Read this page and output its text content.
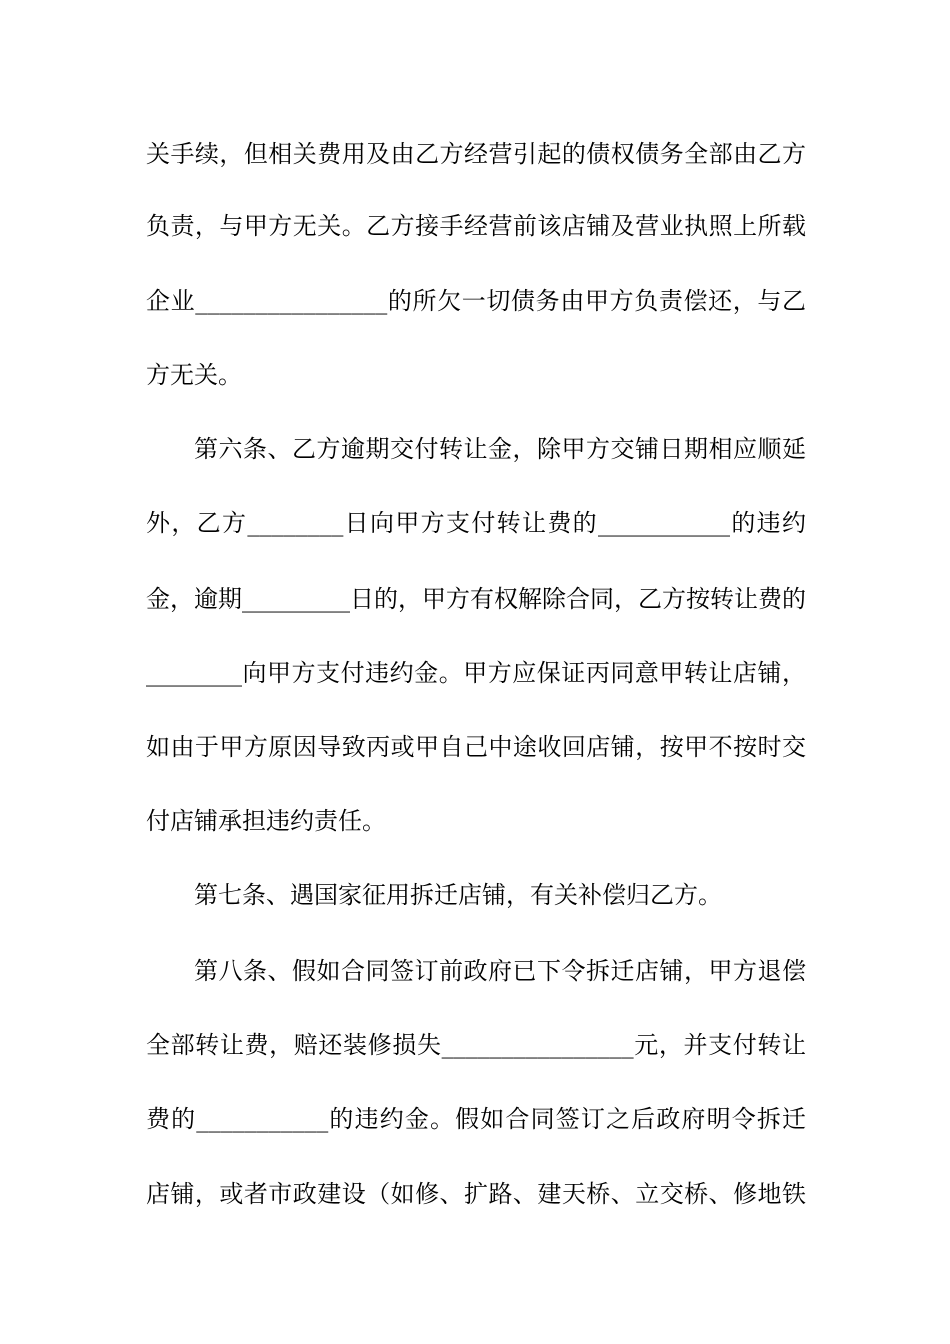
关手续，但相关费用及由乙方经营引起的债权债务全部由乙方
负责，与甲方无关。乙方接手经营前该店铺及营业执照上所载
企业________________的所欠一切债务由甲方负责偿还，与乙
方无关。
第六条、乙方逾期交付转让金，除甲方交铺日期相应顺延
外，乙方________日向甲方支付转让费的___________的违约
金，逾期_________日的，甲方有权解除合同，乙方按转让费的
________向甲方支付违约金。甲方应保证丙同意甲转让店铺，
如由于甲方原因导致丙或甲自己中途收回店铺，按甲不按时交
付店铺承担违约责任。
第七条、遇国家征用拆迁店铺，有关补偿归乙方。
第八条、假如合同签订前政府已下令拆迁店铺，甲方退偿
全部转让费，赔还装修损失________________元，并支付转让
费的___________的违约金。假如合同签订之后政府明令拆迁
店铺，或者市政建设（如修、扩路、建天桥、立交桥、修地铁
